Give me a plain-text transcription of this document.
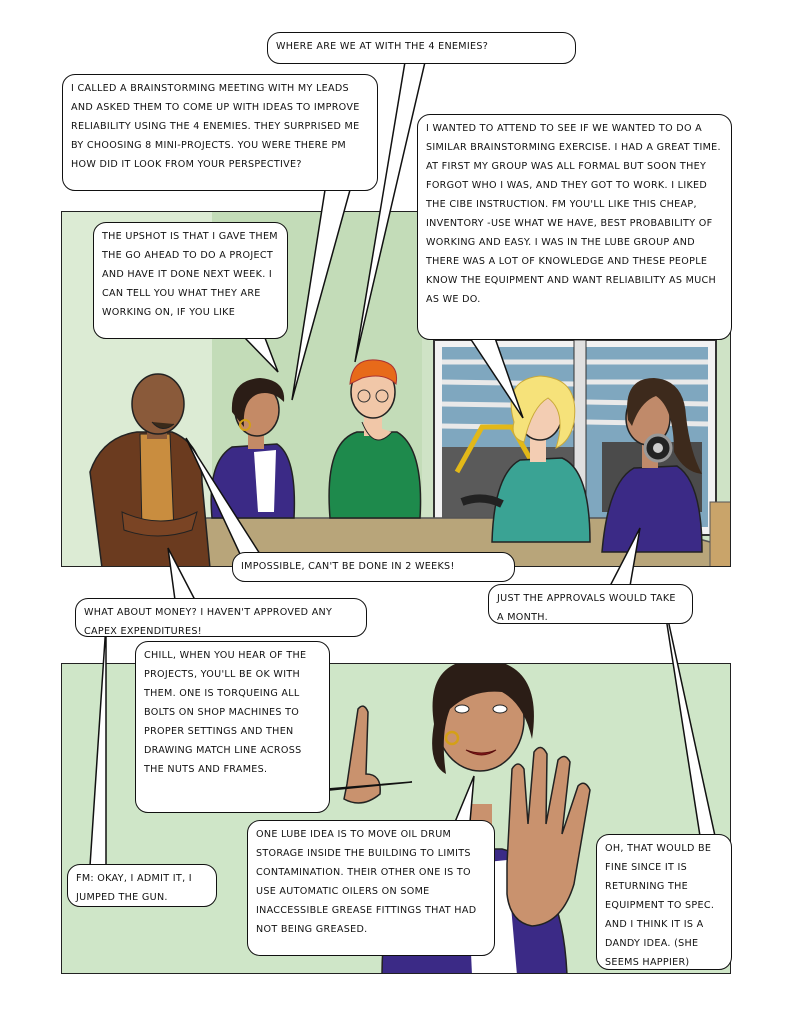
I CALLED A BRAINSTORMING MEETING WITH MY LEADS AND ASKED THEM TO COME UP WITH IDEAS TO IMPROVE RELIABILITY USING THE 4 ENEMIES. THEY SURPRISED ME BY CHOOSING 8 MINI-PROJECTS. YOU WERE THERE PM HOW DID IT LOOK FROM YOUR PERSPECTIVE?
WHERE ARE WE AT WITH THE 4 ENEMIES?
I WANTED TO ATTEND TO SEE IF WE WANTED TO DO A SIMILAR BRAINSTORMING EXERCISE. I HAD A GREAT TIME. AT FIRST MY GROUP WAS ALL FORMAL BUT SOON THEY FORGOT WHO I WAS, AND THEY GOT TO WORK. I LIKED THE CIBE INSTRUCTION. FM YOU'LL LIKE THIS CHEAP, INVENTORY -USE WHAT WE HAVE, BEST PROBABILITY OF WORKING AND EASY. I WAS IN THE LUBE GROUP AND THERE WAS A LOT OF KNOWLEDGE AND THESE PEOPLE KNOW THE EQUIPMENT AND WANT RELIABILITY AS MUCH AS WE DO.
THE UPSHOT IS THAT I GAVE THEM THE GO AHEAD TO DO A PROJECT AND HAVE IT DONE NEXT WEEK. I CAN TELL YOU WHAT THEY ARE WORKING ON, IF YOU LIKE
IMPOSSIBLE, CAN'T BE DONE IN 2 WEEKS!
WHAT ABOUT MONEY? I HAVEN'T APPROVED ANY CAPEX EXPENDITURES!
JUST THE APPROVALS WOULD TAKE A MONTH.
CHILL, WHEN YOU HEAR OF THE PROJECTS, YOU'LL BE OK WITH THEM. ONE IS TORQUEING ALL BOLTS ON SHOP MACHINES TO PROPER SETTINGS AND THEN DRAWING MATCH LINE ACROSS THE NUTS AND FRAMES.
ONE LUBE IDEA IS TO MOVE OIL DRUM STORAGE INSIDE THE BUILDING TO LIMITS CONTAMINATION. THEIR OTHER ONE IS TO USE AUTOMATIC OILERS ON SOME INACCESSIBLE GREASE FITTINGS THAT HAD NOT BEING GREASED.
FM: OKAY, I ADMIT IT, I JUMPED THE GUN.
OH, THAT WOULD BE FINE SINCE IT IS RETURNING THE EQUIPMENT TO SPEC. AND I THINK IT IS A DANDY IDEA. (SHE SEEMS HAPPIER)
